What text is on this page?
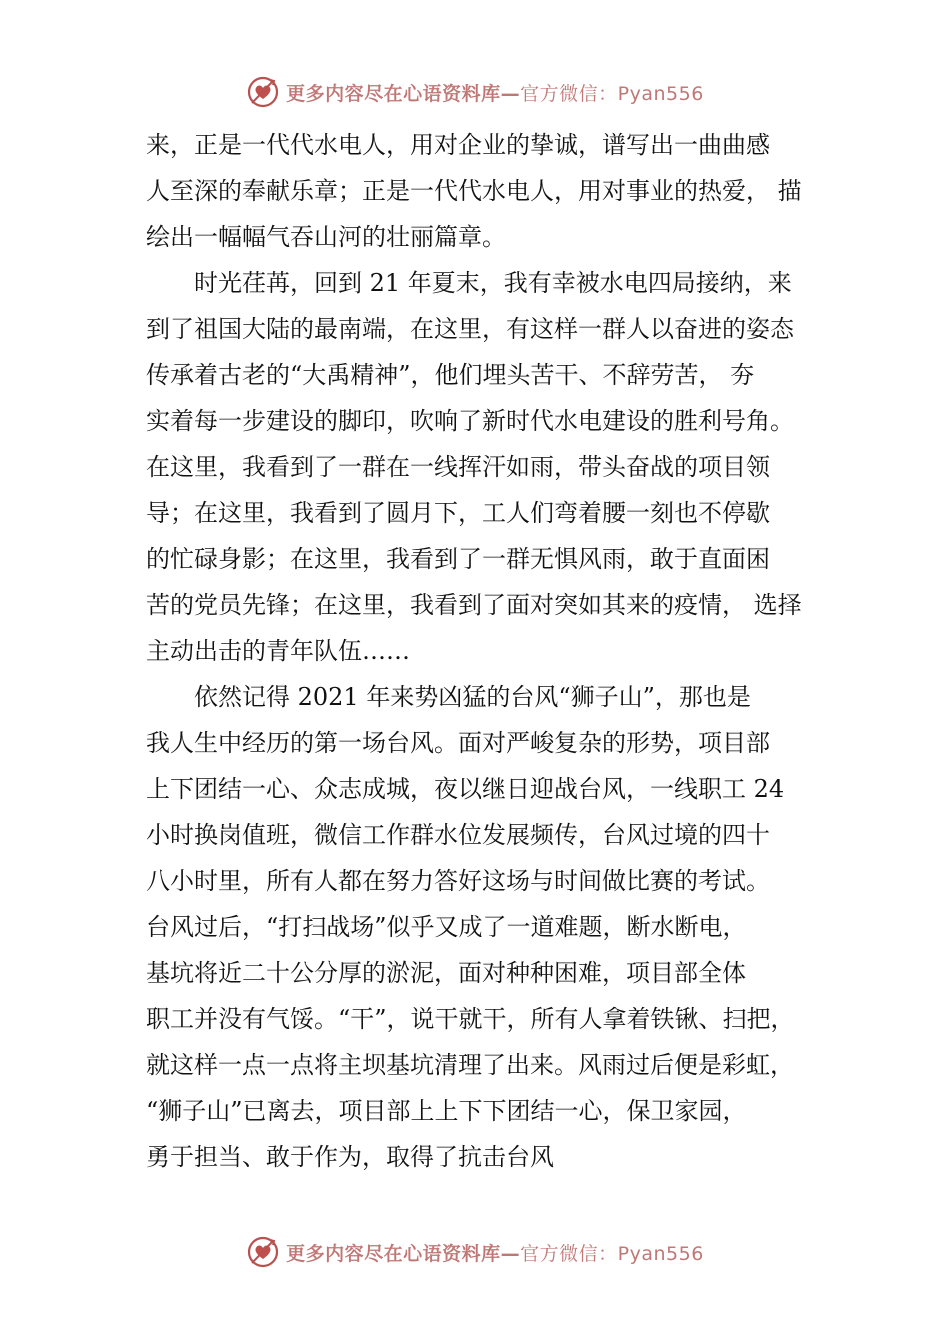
更多内容尽在心语资料库—官方微信：Pyan556
来，正是一代代水电人，用对企业的挚诚，谱写出一曲曲感
人至深的奉献乐章；正是一代代水电人，用对事业的热爱， 描
绘出一幅幅气吞山河的壮丽篇章。
时光荏苒，回到 21 年夏末，我有幸被水电四局接纳，来
到了祖国大陆的最南端，在这里，有这样一群人以奋进的姿态
传承着古老的“大禹精神”，他们埋头苦干、不辞劳苦， 夯
实着每一步建设的脚印，吹响了新时代水电建设的胜利号角。
在这里，我看到了一群在一线挥汗如雨，带头奋战的项目领
导；在这里，我看到了圆月下，工人们弯着腰一刻也不停歇
的忙碌身影；在这里，我看到了一群无惧风雨，敢于直面困
苦的党员先锋；在这里，我看到了面对突如其来的疫情， 选择
主动出击的青年队伍……
依然记得 2021 年来势凶猛的台风“狮子山”，那也是
我人生中经历的第一场台风。面对严峻复杂的形势，项目部
上下团结一心、众志成城，夜以继日迎战台风，一线职工 24
小时换岗值班，微信工作群水位发展频传，台风过境的四十
八小时里，所有人都在努力答好这场与时间做比赛的考试。
台风过后，“打扫战场”似乎又成了一道难题，断水断电，
基坑将近二十公分厚的淤泥，面对种种困难，项目部全体
职工并没有气馁。“干”，说干就干，所有人拿着铁锹、扫把，
就这样一点一点将主坝基坑清理了出来。风雨过后便是彩虹，
“狮子山”已离去，项目部上上下下团结一心，保卫家园，
勇于担当、敢于作为，取得了抗击台风
更多内容尽在心语资料库—官方微信：Pyan556
